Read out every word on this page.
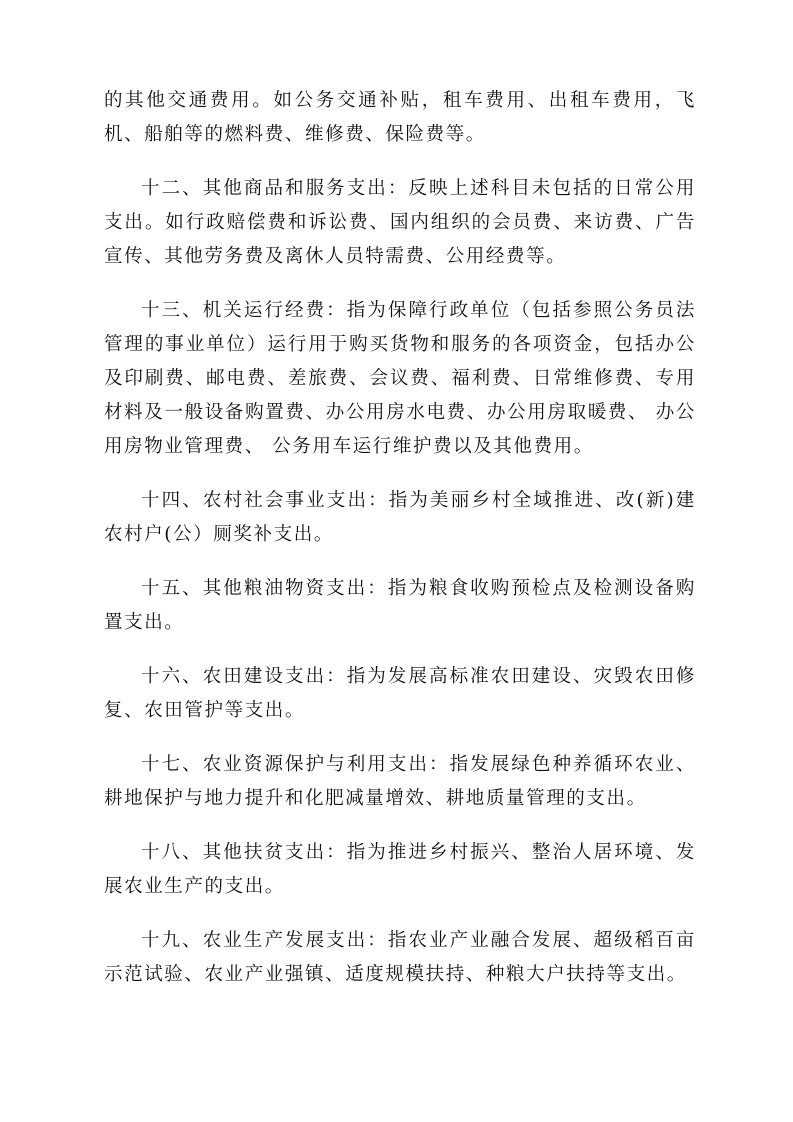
的其他交通费用。如公务交通补贴，租车费用、出租车费用，飞机、船舶等的燃料费、维修费、保险费等。

十二、其他商品和服务支出：反映上述科目未包括的日常公用支出。如行政赔偿费和诉讼费、国内组织的会员费、来访费、广告宣传、其他劳务费及离休人员特需费、公用经费等。

十三、机关运行经费：指为保障行政单位（包括参照公务员法管理的事业单位）运行用于购买货物和服务的各项资金，包括办公及印刷费、邮电费、差旅费、会议费、福利费、日常维修费、专用材料及一般设备购置费、办公用房水电费、办公用房取暖费、 办公用房物业管理费、 公务用车运行维护费以及其他费用。

十四、农村社会事业支出：指为美丽乡村全域推进、改(新)建农村户(公）厕奖补支出。

十五、其他粮油物资支出：指为粮食收购预检点及检测设备购置支出。

十六、农田建设支出：指为发展高标准农田建设、灾毁农田修复、农田管护等支出。

十七、农业资源保护与利用支出：指发展绿色种养循环农业、耕地保护与地力提升和化肥减量增效、耕地质量管理的支出。

十八、其他扶贫支出：指为推进乡村振兴、整治人居环境、发展农业生产的支出。

十九、农业生产发展支出：指农业产业融合发展、超级稻百亩示范试验、农业产业强镇、适度规模扶持、种粮大户扶持等支出。
